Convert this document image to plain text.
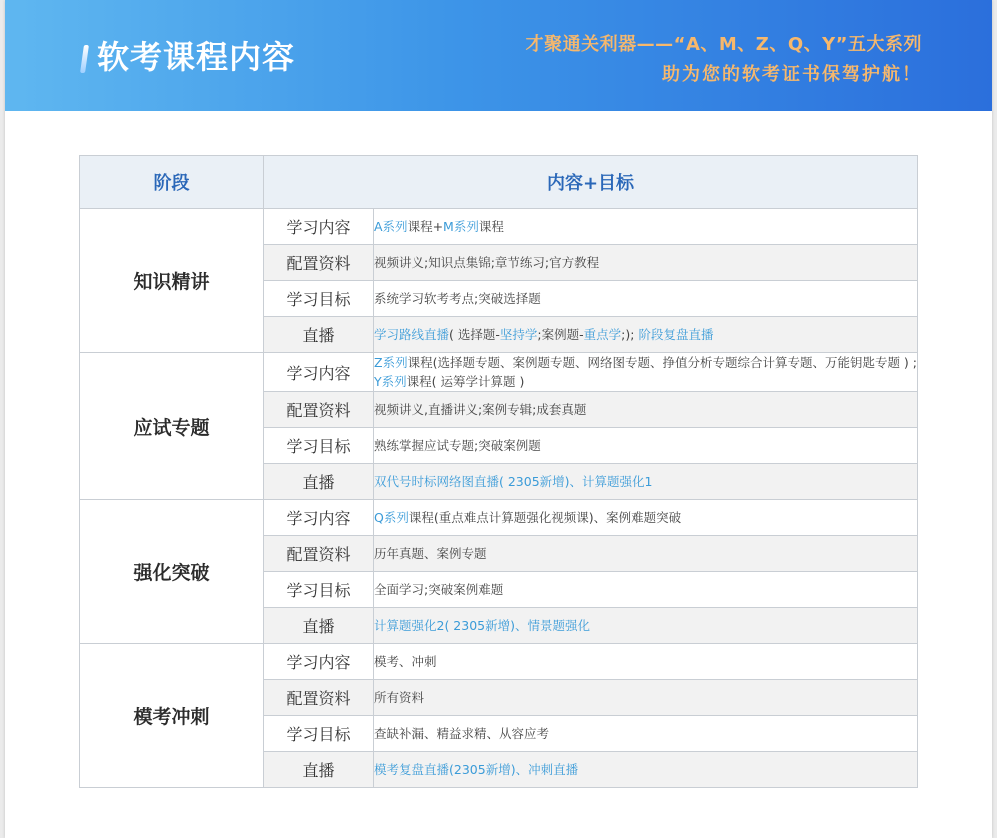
软考课程内容	才聚通关利器——“A、M、Z、Q、Y”五大系列
助为您的软考证书保驾护航！
阶段	内容+目标	
知识精讲	学习内容	A系列课程+M系列课程
	配置资料	视频讲义;知识点集锦;章节练习;官方教程
	学习目标	系统学习软考考点;突破选择题
	直播	学习路线直播( 选择题-坚持学;案例题-重点学;); 阶段复盘直播
应试专题	学习内容	Z系列课程(选择题专题、案例题专题、网络图专题、挣值分析专题综合计算专题、万能钥匙专题 ) ; Y系列课程( 运筹学计算题 )
	配置资料	视频讲义,直播讲义;案例专辑;成套真题
	学习目标	熟练掌握应试专题;突破案例题
	直播	双代号时标网络图直播( 2305新增)、计算题强化1
强化突破	学习内容	Q系列课程(重点难点计算题强化视频课)、案例难题突破
	配置资料	历年真题、案例专题
	学习目标	全面学习;突破案例难题
	直播	计算题强化2( 2305新增)、情景题强化
模考冲刺	学习内容	模考、冲刺
	配置资料	所有资料
	学习目标	查缺补漏、精益求精、从容应考
	直播	模考复盘直播(2305新增)、冲刺直播
